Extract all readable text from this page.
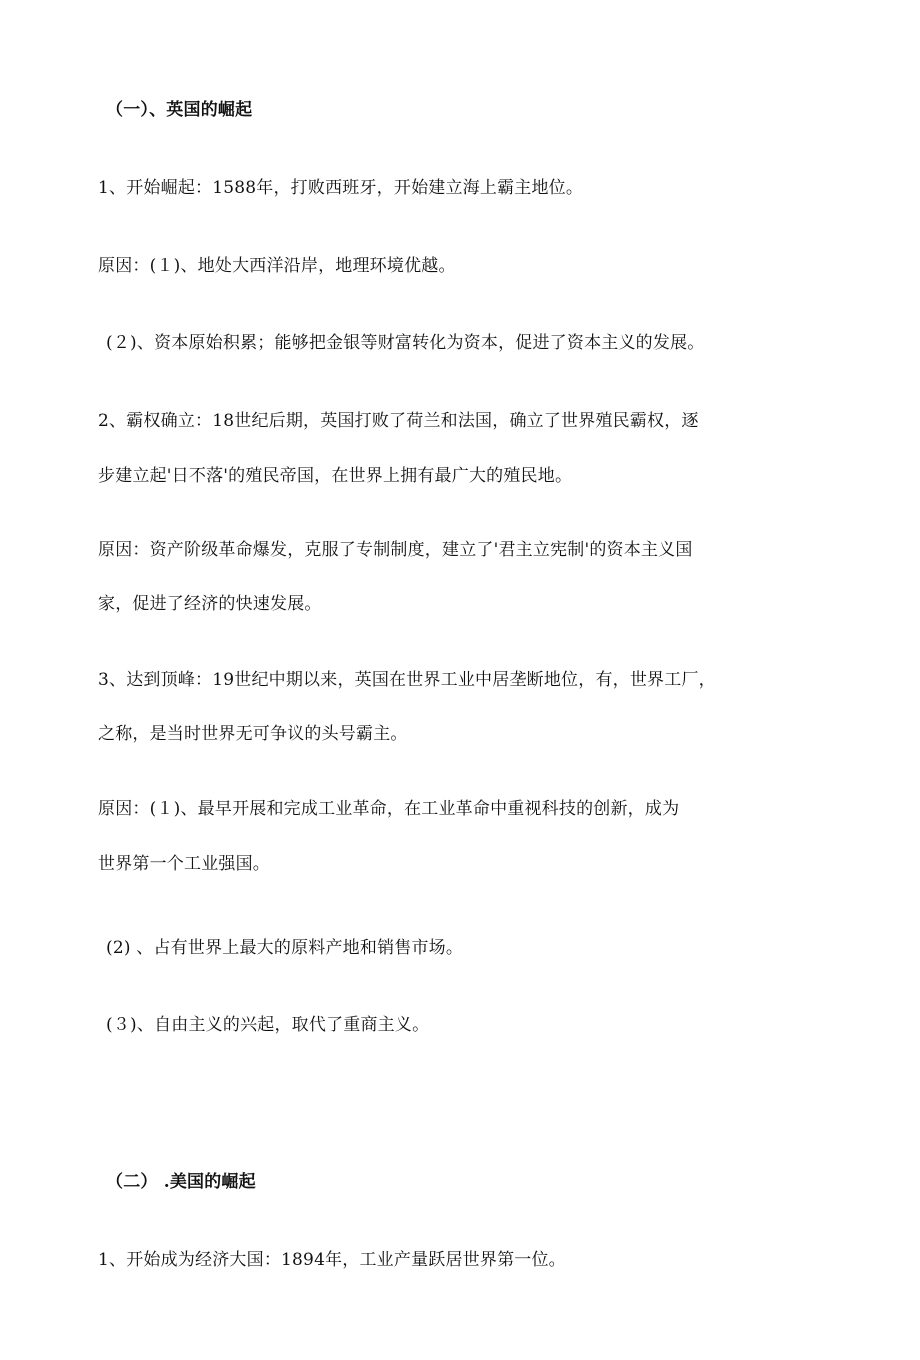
（一）、英国的崛起
1、开始崛起：1588年，打败西班牙，开始建立海上霸主地位。
原因：(１)、地处大西洋沿岸，地理环境优越。
(２)、资本原始积累；能够把金银等财富转化为资本，促进了资本主义的发展。
2、霸权确立：18世纪后期，英国打败了荷兰和法国，确立了世界殖民霸权，逐
步建立起'日不落'的殖民帝国，在世界上拥有最广大的殖民地。
原因：资产阶级革命爆发，克服了专制制度，建立了'君主立宪制'的资本主义国
家，促进了经济的快速发展。
3、达到顶峰：19世纪中期以来，英国在世界工业中居垄断地位，有，世界工厂，
之称，是当时世界无可争议的头号霸主。
原因：(１)、最早开展和完成工业革命，在工业革命中重视科技的创新，成为
世界第一个工业强国。
(2) 、占有世界上最大的原料产地和销售市场。
(３)、自由主义的兴起，取代了重商主义。
（二） .美国的崛起
1、开始成为经济大国：1894年，工业产量跃居世界第一位。
